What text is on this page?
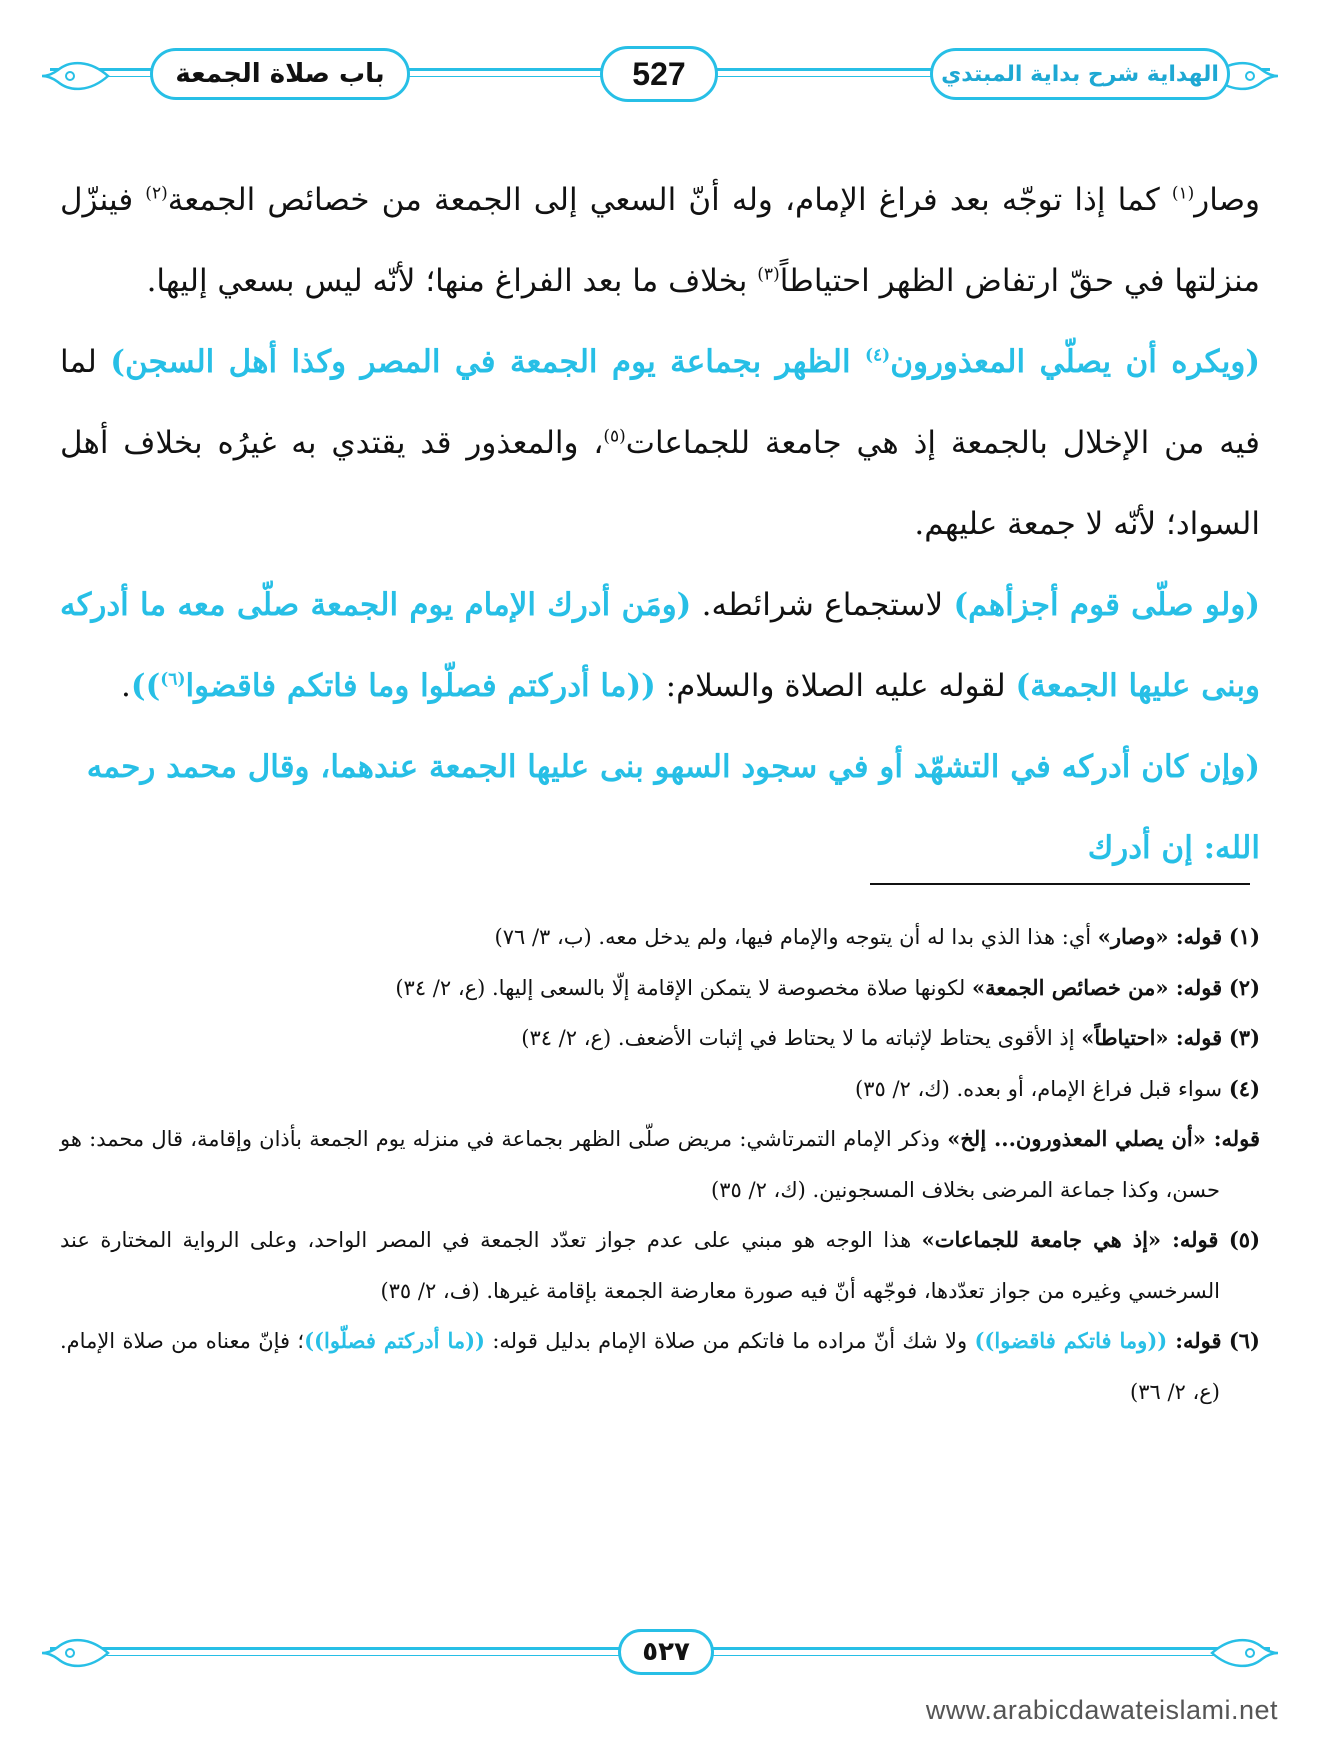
باب صلاة الجمعة	527	الهداية شرح بداية المبتدي

وصار$^{(١)}$ كما إذا توجّه بعد فراغ الإمام، وله أنّ السعي إلى الجمعة من خصائص الجمعة$^{(٢)}$ فينزّل منزلتها في حقّ ارتفاض الظهر احتياطاً$^{(٣)}$ بخلاف ما بعد الفراغ منها؛ لأنّه ليس بسعي إليها.

(ويكره أن يصلّي المعذورون$^{(٤)}$ الظهر بجماعة يوم الجمعة في المصر وكذا أهل السجن) لما فيه من الإخلال بالجمعة إذ هي جامعة للجماعات$^{(٥)}$، والمعذور قد يقتدي به غيرُه بخلاف أهل السواد؛ لأنّه لا جمعة عليهم.

(ولو صلّى قوم أجزأهم) لاستجماع شرائطه. (ومَن أدرك الإمام يوم الجمعة صلّى معه ما أدركه وبنى عليها الجمعة) لقوله عليه الصلاة والسلام: ((ما أدركتم فصلّوا وما فاتكم فاقضوا$^{(٦)}$)).

(وإن كان أدركه في التشهّد أو في سجود السهو بنى عليها الجمعة عندهما، وقال محمد رحمه الله: إن أدرك

(١) قوله: «وصار» أي: هذا الذي بدا له أن يتوجه والإمام فيها، ولم يدخل معه. (ب، ٣/ ٧٦)

(٢) قوله: «من خصائص الجمعة» لكونها صلاة مخصوصة لا يتمكن الإقامة إلّا بالسعى إليها. (ع، ٢/ ٣٤)

(٣) قوله: «احتياطاً» إذ الأقوى يحتاط لإثباته ما لا يحتاط في إثبات الأضعف. (ع، ٢/ ٣٤)

(٤) سواء قبل فراغ الإمام، أو بعده. (ك، ٢/ ٣٥)

قوله: «أن يصلي المعذورون... إلخ» وذكر الإمام التمرتاشي: مريض صلّى الظهر بجماعة في منزله يوم الجمعة بأذان وإقامة، قال محمد: هو حسن، وكذا جماعة المرضى بخلاف المسجونين. (ك، ٢/ ٣٥)

(٥) قوله: «إذ هي جامعة للجماعات» هذا الوجه هو مبني على عدم جواز تعدّد الجمعة في المصر الواحد، وعلى الرواية المختارة عند السرخسي وغيره من جواز تعدّدها، فوجّهه أنّ فيه صورة معارضة الجمعة بإقامة غيرها. (ف، ٢/ ٣٥)

(٦) قوله: ((وما فاتكم فاقضوا)) ولا شك أنّ مراده ما فاتكم من صلاة الإمام بدليل قوله: ((ما أدركتم فصلّوا))؛ فإنّ معناه من صلاة الإمام. (ع، ٢/ ٣٦)

٥٢٧
www.arabicdawateislami.net
